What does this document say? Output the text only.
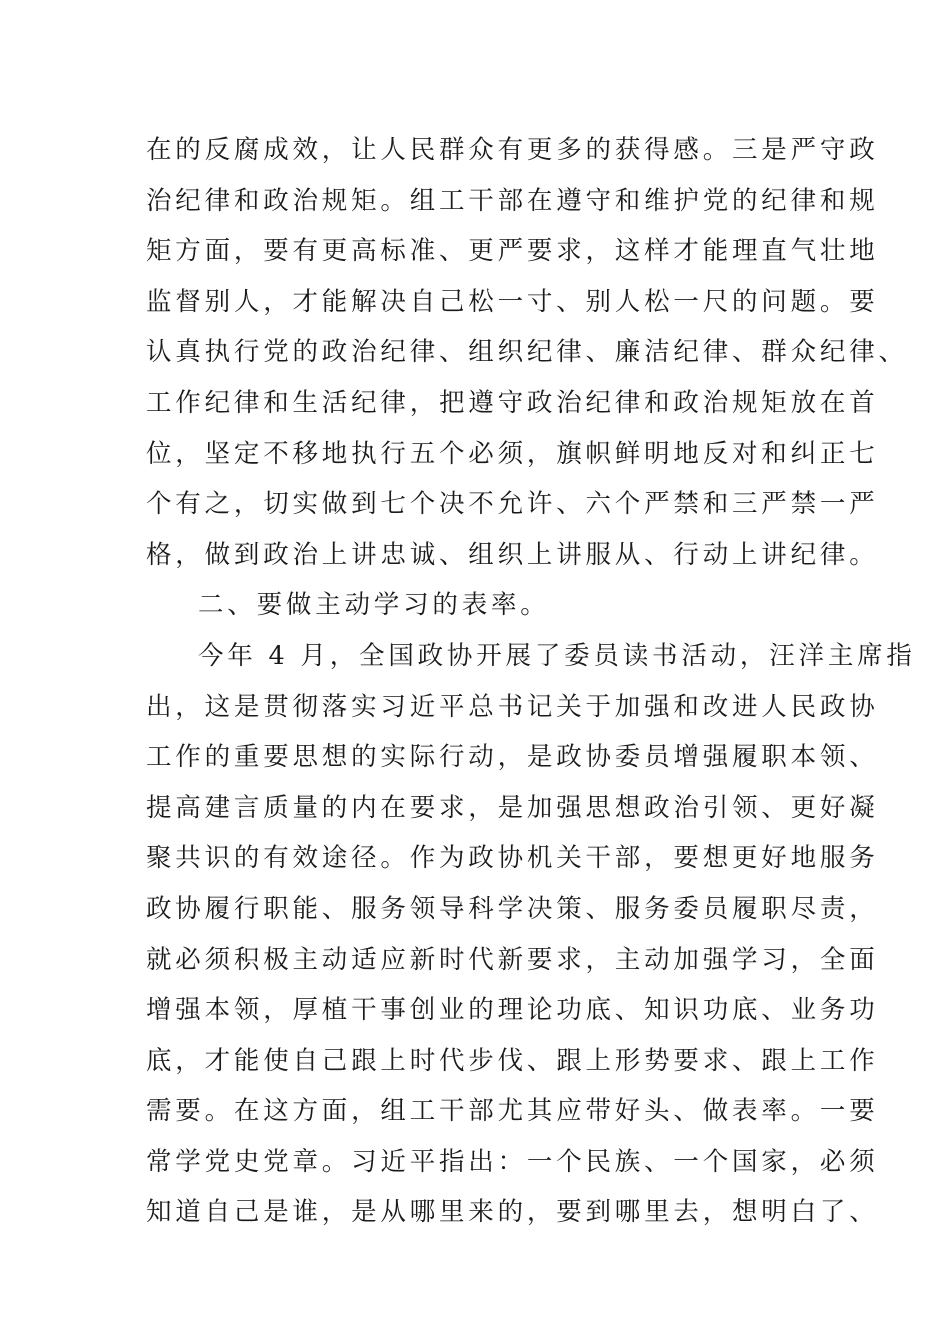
在的反腐成效，让人民群众有更多的获得感。三是严守政
治纪律和政治规矩。组工干部在遵守和维护党的纪律和规
矩方面，要有更高标准、更严要求，这样才能理直气壮地
监督别人，才能解决自己松一寸、别人松一尺的问题。要
认真执行党的政治纪律、组织纪律、廉洁纪律、群众纪律、
工作纪律和生活纪律，把遵守政治纪律和政治规矩放在首
位，坚定不移地执行五个必须，旗帜鲜明地反对和纠正七
个有之，切实做到七个决不允许、六个严禁和三严禁一严
格，做到政治上讲忠诚、组织上讲服从、行动上讲纪律。
二、要做主动学习的表率。
今年 4 月，全国政协开展了委员读书活动，汪洋主席指
出，这是贯彻落实习近平总书记关于加强和改进人民政协
工作的重要思想的实际行动，是政协委员增强履职本领、
提高建言质量的内在要求，是加强思想政治引领、更好凝
聚共识的有效途径。作为政协机关干部，要想更好地服务
政协履行职能、服务领导科学决策、服务委员履职尽责，
就必须积极主动适应新时代新要求，主动加强学习，全面
增强本领，厚植干事创业的理论功底、知识功底、业务功
底，才能使自己跟上时代步伐、跟上形势要求、跟上工作
需要。在这方面，组工干部尤其应带好头、做表率。一要
常学党史党章。习近平指出：一个民族、一个国家，必须
知道自己是谁，是从哪里来的，要到哪里去，想明白了、
